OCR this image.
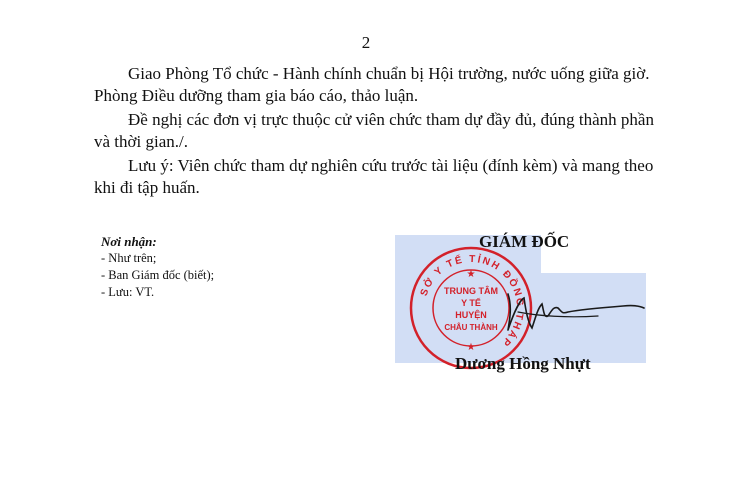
2

Giao Phòng Tổ chức - Hành chính chuẩn bị Hội trường, nước uống giữa giờ. Phòng Điều dưỡng tham gia báo cáo, thảo luận.

Đề nghị các đơn vị trực thuộc cử viên chức tham dự đầy đủ, đúng thành phần và thời gian./.

Lưu ý: Viên chức tham dự nghiên cứu trước tài liệu (đính kèm) và mang theo khi đi tập huấn.

Nơi nhận:
- Như trên;
- Ban Giám đốc (biết);
- Lưu: VT.
GIÁM ĐỐC
SỞ Y TẾ TỈNH ĐỒNG THÁP
TRUNG TÂM
Y TẾ
HUYỆN
CHÂU THÀNH
★
★
Dương Hồng Nhựt
